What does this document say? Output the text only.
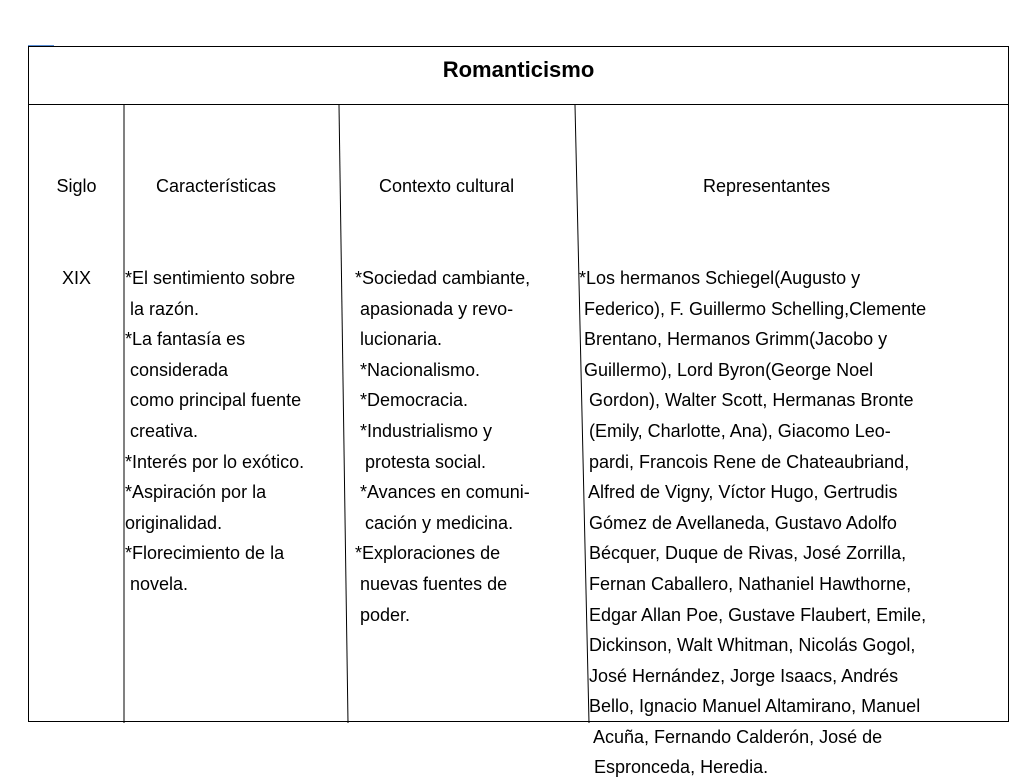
Romanticismo

Siglo

XIX

Características

*El sentimiento sobre
la razón.
*La fantasía es
considerada
como principal fuente
creativa.
*Interés por lo exótico.
*Aspiración por la
originalidad.
*Florecimiento de la
novela.

Contexto cultural

*Sociedad cambiante,
apasionada y revo-
lucionaria.
*Nacionalismo.
*Democracia.
*Industrialismo y
protesta social.
*Avances en comuni-
cación y medicina.
*Exploraciones de
nuevas fuentes de
poder.

Representantes

*Los hermanos Schiegel(Augusto y
Federico), F. Guillermo Schelling,Clemente
Brentano, Hermanos Grimm(Jacobo y
Guillermo), Lord Byron(George Noel
Gordon), Walter Scott, Hermanas Bronte
(Emily, Charlotte, Ana), Giacomo Leo-
pardi, Francois Rene de Chateaubriand,
Alfred de Vigny, Víctor Hugo, Gertrudis
Gómez de Avellaneda, Gustavo Adolfo
Bécquer, Duque de Rivas, José Zorrilla,
Fernan Caballero, Nathaniel Hawthorne,
Edgar Allan Poe, Gustave Flaubert, Emile,
Dickinson, Walt Whitman, Nicolás Gogol,
José Hernández, Jorge Isaacs, Andrés
Bello, Ignacio Manuel Altamirano, Manuel
Acuña, Fernando Calderón, José de
Espronceda, Heredia.
